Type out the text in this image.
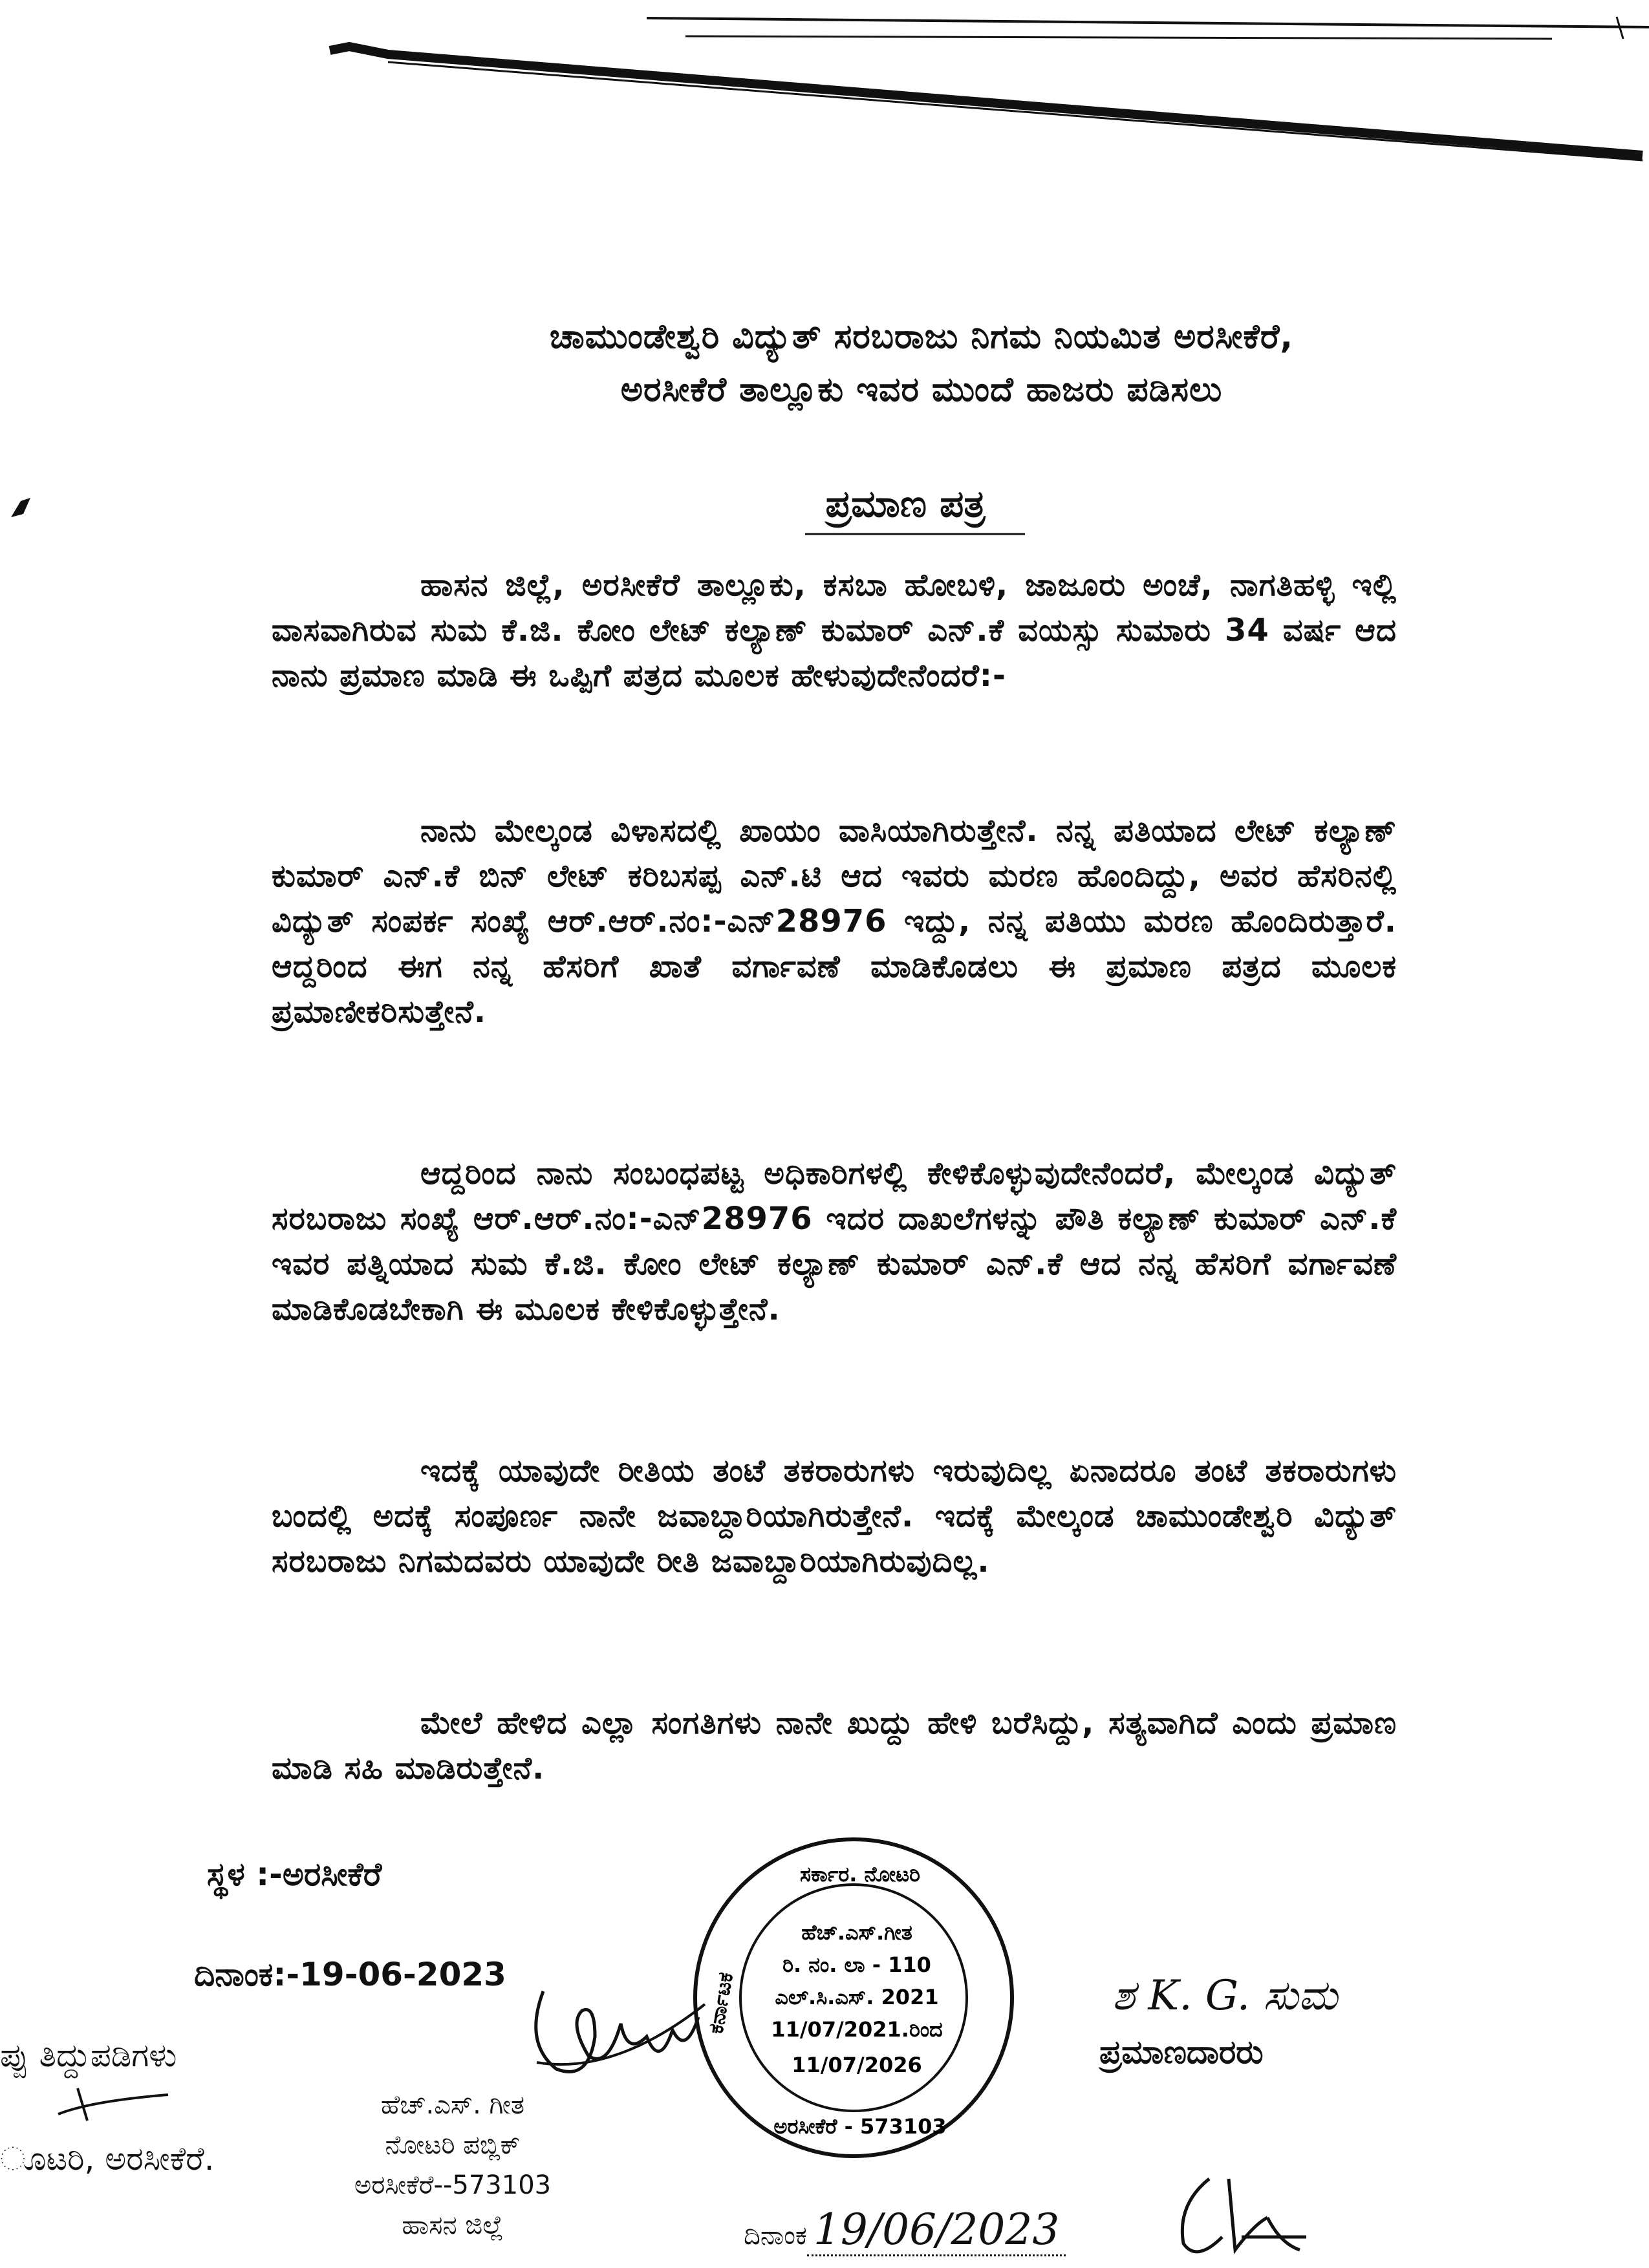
ಚಾಮುಂಡೇಶ್ವರಿ ವಿದ್ಯುತ್ ಸರಬರಾಜು ನಿಗಮ ನಿಯಮಿತ ಅರಸೀಕೆರೆ,
ಅರಸೀಕೆರೆ ತಾಲ್ಲೂಕು ಇವರ ಮುಂದೆ ಹಾಜರು ಪಡಿಸಲು
ಪ್ರಮಾಣ ಪತ್ರ
ಹಾಸನ ಜಿಲ್ಲೆ, ಅರಸೀಕೆರೆ ತಾಲ್ಲೂಕು, ಕಸಬಾ ಹೋಬಳಿ, ಜಾಜೂರು ಅಂಚೆ, ನಾಗತಿಹಳ್ಳಿ ಇಲ್ಲಿ ವಾಸವಾಗಿರುವ ಸುಮ ಕೆ.ಜಿ. ಕೋಂ ಲೇಟ್ ಕಲ್ಯಾಣ್ ಕುಮಾರ್ ಎನ್.ಕೆ ವಯಸ್ಸು ಸುಮಾರು 34 ವರ್ಷ ಆದ ನಾನು ಪ್ರಮಾಣ ಮಾಡಿ ಈ ಒಪ್ಪಿಗೆ ಪತ್ರದ ಮೂಲಕ ಹೇಳುವುದೇನೆಂದರೆ:-
ನಾನು ಮೇಲ್ಕಂಡ ವಿಳಾಸದಲ್ಲಿ ಖಾಯಂ ವಾಸಿಯಾಗಿರುತ್ತೇನೆ. ನನ್ನ ಪತಿಯಾದ ಲೇಟ್ ಕಲ್ಯಾಣ್ ಕುಮಾರ್ ಎನ್.ಕೆ ಬಿನ್ ಲೇಟ್ ಕರಿಬಸಪ್ಪ ಎನ್.ಟಿ ಆದ ಇವರು ಮರಣ ಹೊಂದಿದ್ದು, ಅವರ ಹೆಸರಿನಲ್ಲಿ ವಿದ್ಯುತ್ ಸಂಪರ್ಕ ಸಂಖ್ಯೆ ಆರ್.ಆರ್.ನಂ:-ಎನ್28976 ಇದ್ದು, ನನ್ನ ಪತಿಯು ಮರಣ ಹೊಂದಿರುತ್ತಾರೆ. ಆದ್ದರಿಂದ ಈಗ ನನ್ನ ಹೆಸರಿಗೆ ಖಾತೆ ವರ್ಗಾವಣೆ ಮಾಡಿಕೊಡಲು ಈ ಪ್ರಮಾಣ ಪತ್ರದ ಮೂಲಕ ಪ್ರಮಾಣೀಕರಿಸುತ್ತೇನೆ.
ಆದ್ದರಿಂದ ನಾನು ಸಂಬಂಧಪಟ್ಟ ಅಧಿಕಾರಿಗಳಲ್ಲಿ ಕೇಳಿಕೊಳ್ಳುವುದೇನೆಂದರೆ, ಮೇಲ್ಕಂಡ ವಿದ್ಯುತ್ ಸರಬರಾಜು ಸಂಖ್ಯೆ ಆರ್.ಆರ್.ನಂ:-ಎನ್28976 ಇದರ ದಾಖಲೆಗಳನ್ನು ಪೌತಿ ಕಲ್ಯಾಣ್ ಕುಮಾರ್ ಎನ್.ಕೆ ಇವರ ಪತ್ನಿಯಾದ ಸುಮ ಕೆ.ಜಿ. ಕೋಂ ಲೇಟ್ ಕಲ್ಯಾಣ್ ಕುಮಾರ್ ಎನ್.ಕೆ ಆದ ನನ್ನ ಹೆಸರಿಗೆ ವರ್ಗಾವಣೆ ಮಾಡಿಕೊಡಬೇಕಾಗಿ ಈ ಮೂಲಕ ಕೇಳಿಕೊಳ್ಳುತ್ತೇನೆ.
ಇದಕ್ಕೆ ಯಾವುದೇ ರೀತಿಯ ತಂಟೆ ತಕರಾರುಗಳು ಇರುವುದಿಲ್ಲ ಏನಾದರೂ ತಂಟೆ ತಕರಾರುಗಳು ಬಂದಲ್ಲಿ ಅದಕ್ಕೆ ಸಂಪೂರ್ಣ ನಾನೇ ಜವಾಬ್ದಾರಿಯಾಗಿರುತ್ತೇನೆ. ಇದಕ್ಕೆ ಮೇಲ್ಕಂಡ ಚಾಮುಂಡೇಶ್ವರಿ ವಿದ್ಯುತ್ ಸರಬರಾಜು ನಿಗಮದವರು ಯಾವುದೇ ರೀತಿ ಜವಾಬ್ದಾರಿಯಾಗಿರುವುದಿಲ್ಲ.
ಮೇಲೆ ಹೇಳಿದ ಎಲ್ಲಾ ಸಂಗತಿಗಳು ನಾನೇ ಖುದ್ದು ಹೇಳಿ ಬರೆಸಿದ್ದು, ಸತ್ಯವಾಗಿದೆ ಎಂದು ಪ್ರಮಾಣ ಮಾಡಿ ಸಹಿ ಮಾಡಿರುತ್ತೇನೆ.
ಸ್ಥಳ :-ಅರಸೀಕೆರೆ
ದಿನಾಂಕ:-19-06-2023
ಪ್ಪು ತಿದ್ದುಪಡಿಗಳು
ೂಟರಿ, ಅರಸೀಕೆರೆ.
ಹೆಚ್.ಎಸ್. ಗೀತ
ನೋಟರಿ ಪಬ್ಲಿಕ್
ಅರಸೀಕೆರೆ--573103
ಹಾಸನ ಜಿಲ್ಲೆ
ಸರ್ಕಾರ. ನೋಟರಿ
ಕರ್ನಾಟಕ
ಅರಸೀಕೆರೆ - 573103
ಹೆಚ್.ಎಸ್.ಗೀತ
ರಿ. ನಂ. ಲಾ - 110
ಎಲ್.ಸಿ.ಎಸ್. 2021
11/07/2021.ರಿಂದ
11/07/2026
ಶ K. G. ಸುಮ
ಪ್ರಮಾಣದಾರರು
ದಿನಾಂಕ 19/06/2023
